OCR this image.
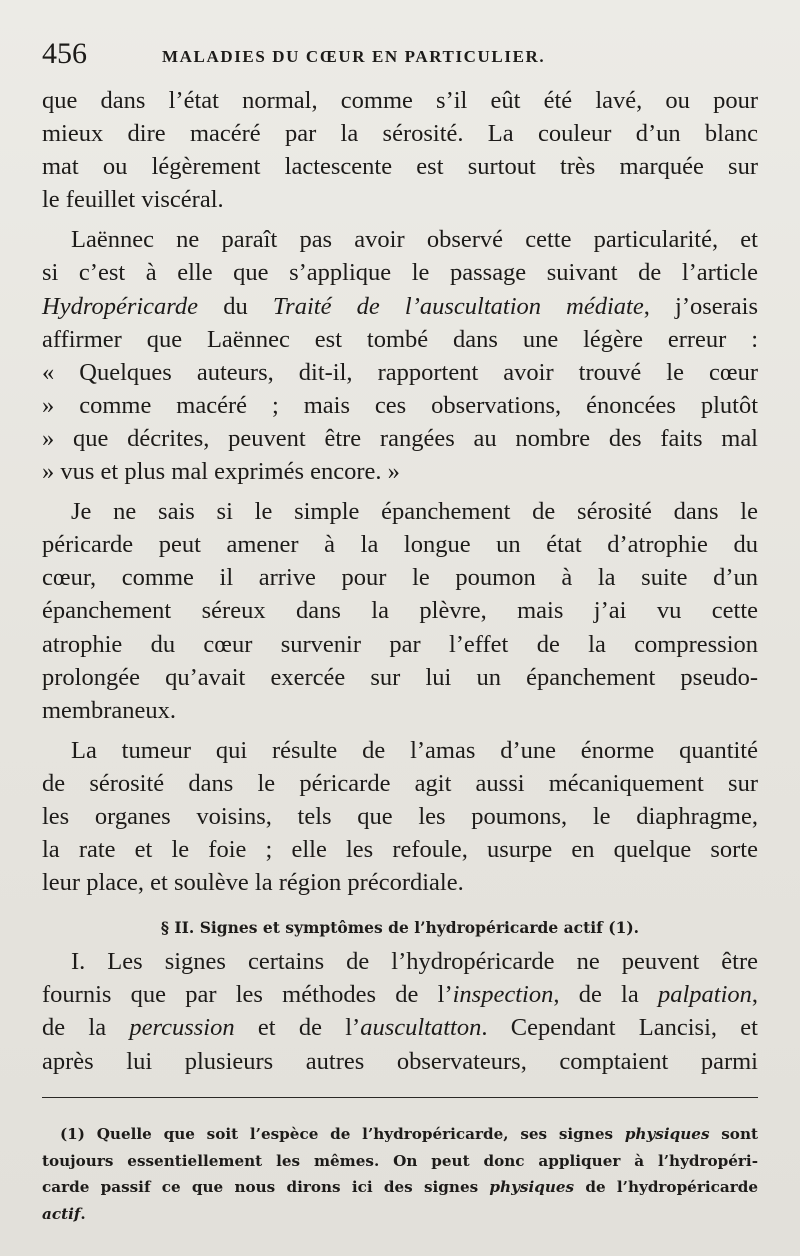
456	MALADIES DU CŒUR EN PARTICULIER.
que dans l’état normal, comme s’il eût été lavé, ou pour
mieux dire macéré par la sérosité. La couleur d’un blanc
mat ou légèrement lactescente est surtout très marquée sur
le feuillet viscéral.
Laënnec ne paraît pas avoir observé cette particularité, et
si c’est à elle que s’applique le passage suivant de l’article
Hydropéricarde du Traité de l’auscultation médiate, j’oserais
affirmer que Laënnec est tombé dans une légère erreur :
« Quelques auteurs, dit-il, rapportent avoir trouvé le cœur
» comme macéré ; mais ces observations, énoncées plutôt
» que décrites, peuvent être rangées au nombre des faits mal
» vus et plus mal exprimés encore. »
Je ne sais si le simple épanchement de sérosité dans le
péricarde peut amener à la longue un état d’atrophie du
cœur, comme il arrive pour le poumon à la suite d’un
épanchement séreux dans la plèvre, mais j’ai vu cette
atrophie du cœur survenir par l’effet de la compression
prolongée qu’avait exercée sur lui un épanchement pseudo-
membraneux.
La tumeur qui résulte de l’amas d’une énorme quantité
de sérosité dans le péricarde agit aussi mécaniquement sur
les organes voisins, tels que les poumons, le diaphragme,
la rate et le foie ; elle les refoule, usurpe en quelque sorte
leur place, et soulève la région précordiale.
§ II. Signes et symptômes de l’hydropéricarde actif (1).
I. Les signes certains de l’hydropéricarde ne peuvent être
fournis que par les méthodes de l’inspection, de la palpation,
de la percussion et de l’auscultatton. Cependant Lancisi, et
après lui plusieurs autres observateurs, comptaient parmi
(1) Quelle que soit l’espèce de l’hydropéricarde, ses signes physiques sont
toujours essentiellement les mêmes. On peut donc appliquer à l’hydropéri-
carde passif ce que nous dirons ici des signes physiques de l’hydropéricarde
actif.
